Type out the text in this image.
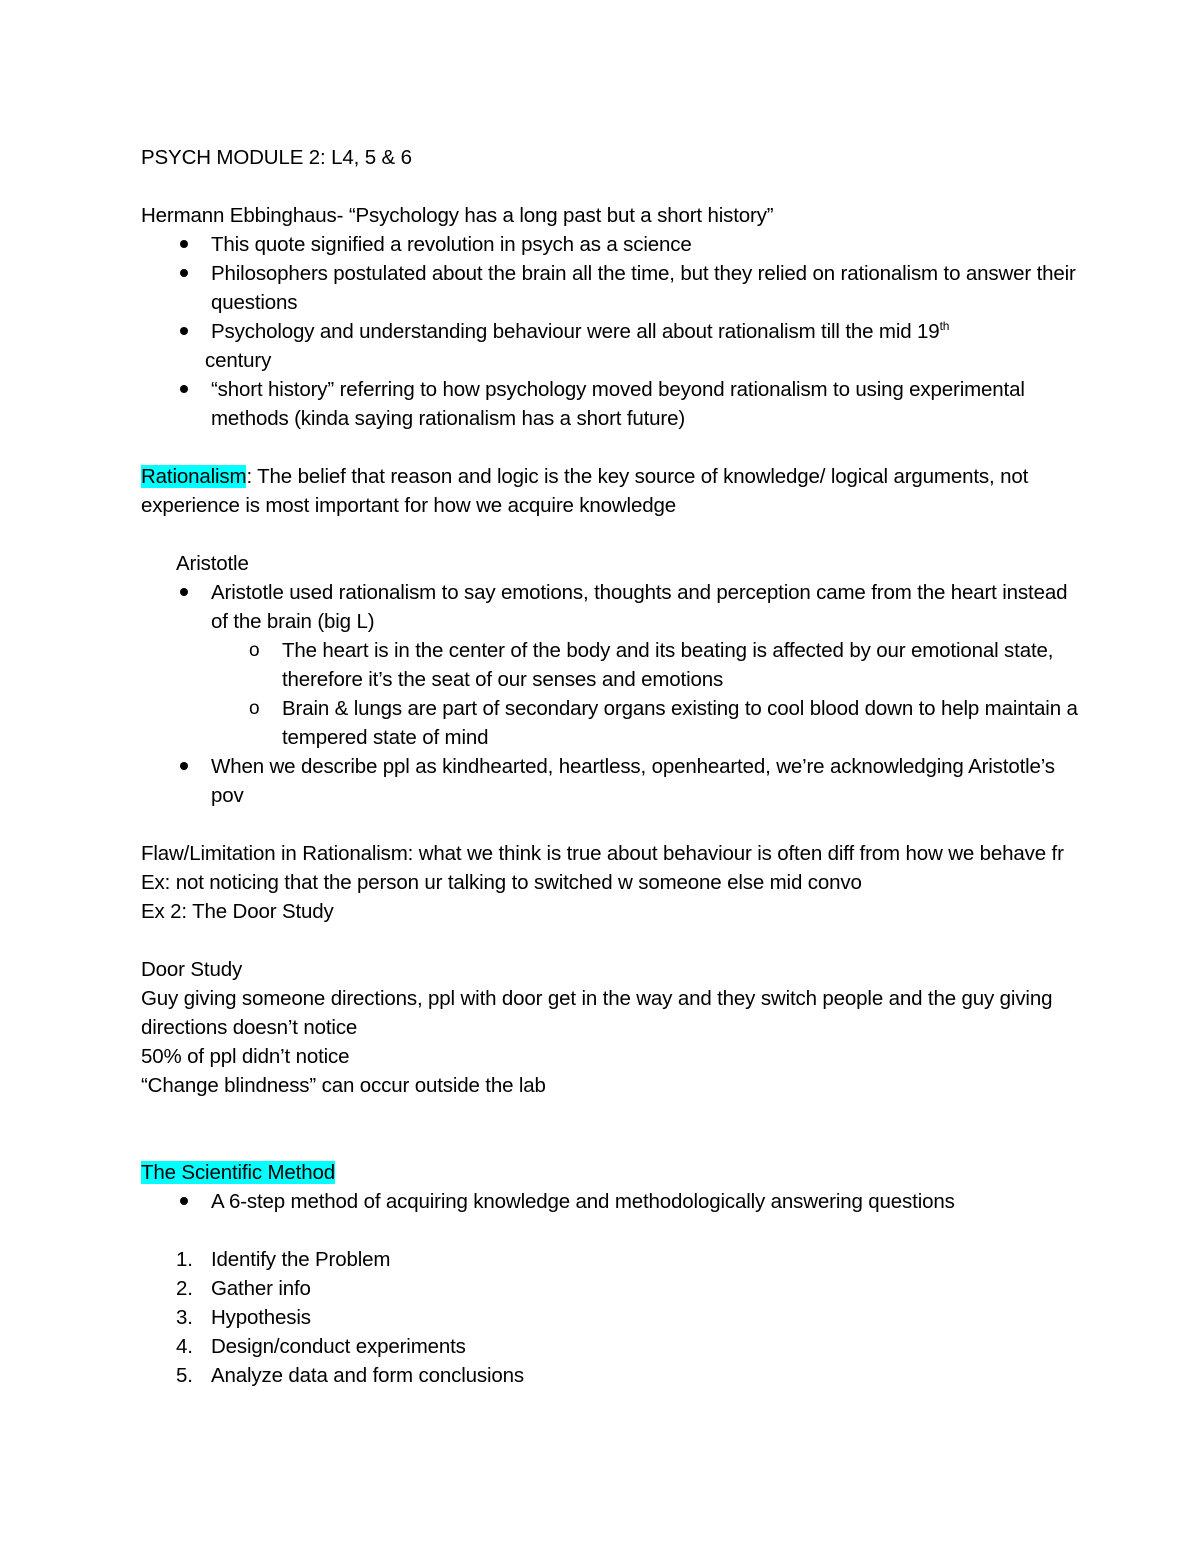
PSYCH MODULE 2: L4, 5 & 6
Hermann Ebbinghaus- “Psychology has a long past but a short history”
This quote signified a revolution in psych as a science
Philosophers postulated about the brain all the time, but they relied on rationalism to answer their questions
Psychology and understanding behaviour were all about rationalism till the mid 19th
century
“short history” referring to how psychology moved beyond rationalism to using experimental methods (kinda saying rationalism has a short future)
Rationalism: The belief that reason and logic is the key source of knowledge/ logical arguments, not experience is most important for how we acquire knowledge
Aristotle
Aristotle used rationalism to say emotions, thoughts and perception came from the heart instead of the brain (big L)
o The heart is in the center of the body and its beating is affected by our emotional state, therefore it’s the seat of our senses and emotions
o Brain & lungs are part of secondary organs existing to cool blood down to help maintain a tempered state of mind
When we describe ppl as kindhearted, heartless, openhearted, we’re acknowledging Aristotle’s pov
Flaw/Limitation in Rationalism: what we think is true about behaviour is often diff from how we behave fr
Ex: not noticing that the person ur talking to switched w someone else mid convo
Ex 2: The Door Study
Door Study
Guy giving someone directions, ppl with door get in the way and they switch people and the guy giving directions doesn’t notice
50% of ppl didn’t notice
“Change blindness” can occur outside the lab
The Scientific Method
A 6-step method of acquiring knowledge and methodologically answering questions
1. Identify the Problem
2. Gather info
3. Hypothesis
4. Design/conduct experiments
5. Analyze data and form conclusions
